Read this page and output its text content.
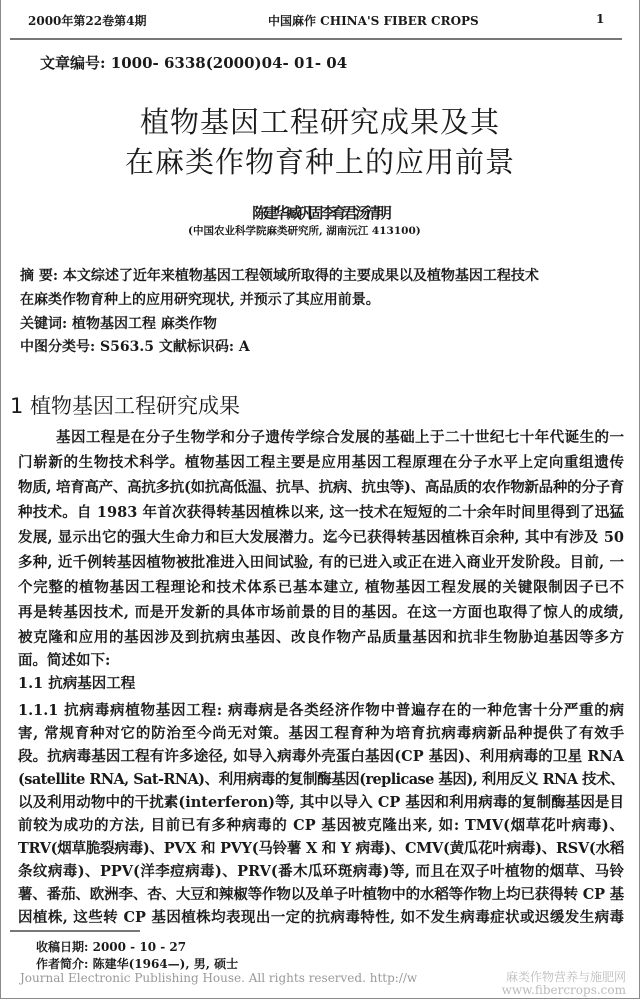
2000年第22卷第4期	中国麻作 CHINA'S FIBER CROPS	1
文章编号: 1000- 6338(2000)04- 01- 04
植物基因工程研究成果及其
在麻类作物育种上的应用前景
陈建华 臧巩固 李育君 汤清明
(中国农业科学院麻类研究所, 湖南沅江 413100)
摘 要: 本文综述了近年来植物基因工程领域所取得的主要成果以及植物基因工程技术
在麻类作物育种上的应用研究现状, 并预示了其应用前景。
关键词: 植物基因工程 麻类作物
中图分类号: S563.5 文献标识码: A
1 植物基因工程研究成果
基因工程是在分子生物学和分子遗传学综合发展的基础上于二十世纪七十年代诞生的一
门崭新的生物技术科学。植物基因工程主要是应用基因工程原理在分子水平上定向重组遗传
物质, 培育高产、高抗多抗(如抗高低温、抗旱、抗病、抗虫等)、高品质的农作物新品种的分子育
种技术。自 1983 年首次获得转基因植株以来, 这一技术在短短的二十余年时间里得到了迅猛
发展, 显示出它的强大生命力和巨大发展潜力。迄今已获得转基因植株百余种, 其中有涉及 50
多种, 近千例转基因植物被批准进入田间试验, 有的已进入或正在进入商业开发阶段。目前, 一
个完整的植物基因工程理论和技术体系已基本建立, 植物基因工程发展的关键限制因子已不
再是转基因技术, 而是开发新的具体市场前景的目的基因。在这一方面也取得了惊人的成绩,
被克隆和应用的基因涉及到抗病虫基因、改良作物产品质量基因和抗非生物胁迫基因等多方
面。简述如下:
1.1 抗病基因工程
1.1.1 抗病毒病植物基因工程: 病毒病是各类经济作物中普遍存在的一种危害十分严重的病
害, 常规育种对它的防治至今尚无对策。基因工程育种为培育抗病毒病新品种提供了有效手
段。抗病毒基因工程有许多途径, 如导入病毒外壳蛋白基因(CP 基因)、利用病毒的卫星 RNA
(satellite RNA, Sat-RNA)、利用病毒的复制酶基因(replicase 基因), 利用反义 RNA 技术、
以及利用动物中的干扰素(interferon)等, 其中以导入 CP 基因和利用病毒的复制酶基因是目
前较为成功的方法, 目前已有多种病毒的 CP 基因被克隆出来, 如: TMV(烟草花叶病毒)、
TRV(烟草脆裂病毒)、PVX 和 PVY(马铃薯 X 和 Y 病毒)、CMV(黄瓜花叶病毒)、RSV(水稻
条纹病毒)、PPV(洋李痘病毒)、PRV(番木瓜环斑病毒)等, 而且在双子叶植物的烟草、马铃
薯、番茄、欧洲李、杏、大豆和辣椒等作物以及单子叶植物中的水稻等作物上均已获得转 CP 基
因植株, 这些转 CP 基因植株均表现出一定的抗病毒特性, 如不发生病毒症状或迟缓发生病毒
收稿日期: 2000 - 10 - 27
作者简介: 陈建华(1964—), 男, 硕士
Journal Electronic Publishing House. All rights reserved. http://w	麻类作物营养与施肥网
www.fibercrops.com
